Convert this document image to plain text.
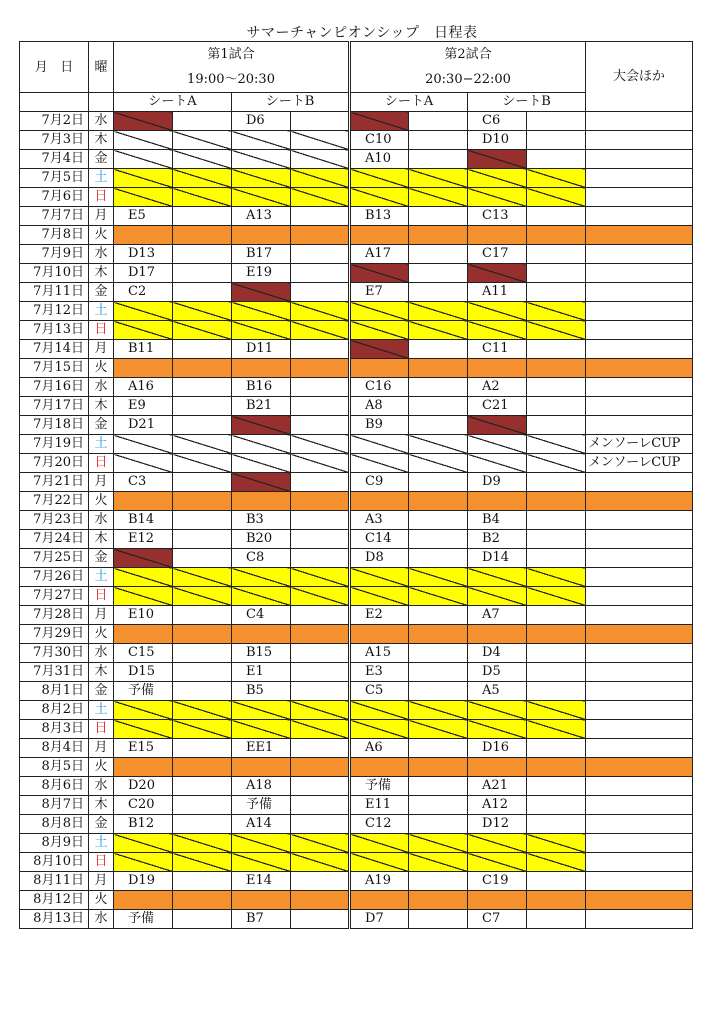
サマーチャンピオンシップ　日程表
月 日	曜	第1試合				第2試合				大会ほか
		19:00～20:30				20:30−22:00				
		シートA		シートB		シートA		シートB		
7月2日	水			D6				C6		
7月3日	木					C10		D10		
7月4日	金					A10				
7月5日	土									
7月6日	日									
7月7日	月	E5		A13		B13		C13		
7月8日	火									
7月9日	水	D13		B17		A17		C17		
7月10日	木	D17		E19						
7月11日	金	C2				E7		A11		
7月12日	土									
7月13日	日									
7月14日	月	B11		D11				C11		
7月15日	火									
7月16日	水	A16		B16		C16		A2		
7月17日	木	E9		B21		A8		C21		
7月18日	金	D21				B9				
7月19日	土									メンソーレCUP
7月20日	日									メンソーレCUP
7月21日	月	C3				C9		D9		
7月22日	火									
7月23日	水	B14		B3		A3		B4		
7月24日	木	E12		B20		C14		B2		
7月25日	金			C8		D8		D14		
7月26日	土									
7月27日	日									
7月28日	月	E10		C4		E2		A7		
7月29日	火									
7月30日	水	C15		B15		A15		D4		
7月31日	木	D15		E1		E3		D5		
8月1日	金	予備		B5		C5		A5		
8月2日	土									
8月3日	日									
8月4日	月	E15		EE1		A6		D16		
8月5日	火									
8月6日	水	D20		A18		予備		A21		
8月7日	木	C20		予備		E11		A12		
8月8日	金	B12		A14		C12		D12		
8月9日	土									
8月10日	日									
8月11日	月	D19		E14		A19		C19		
8月12日	火									
8月13日	水	予備		B7		D7		C7		
